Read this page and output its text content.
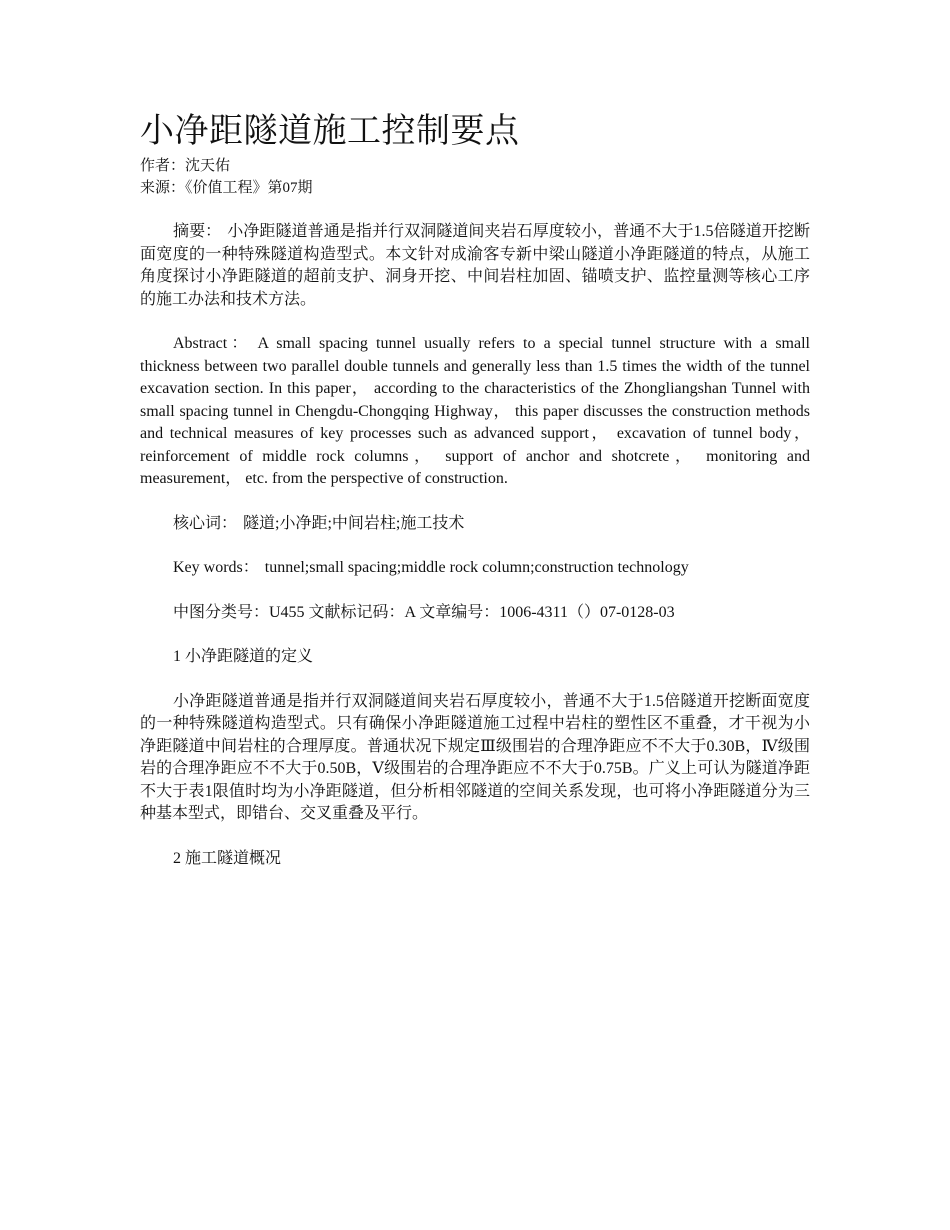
小净距隧道施工控制要点

作者：沈天佑

来源：《价值工程》第07期

摘要： 小净距隧道普通是指并行双洞隧道间夹岩石厚度较小，普通不大于1.5倍隧道开挖断面宽度的一种特殊隧道构造型式。本文针对成渝客专新中梁山隧道小净距隧道的特点，从施工角度探讨小净距隧道的超前支护、洞身开挖、中间岩柱加固、锚喷支护、监控量测等核心工序的施工办法和技术方法。

Abstract： A small spacing tunnel usually refers to a special tunnel structure with a small thickness between two parallel double tunnels and generally less than 1.5 times the width of the tunnel excavation section. In this paper， according to the characteristics of the Zhongliangshan Tunnel with small spacing tunnel in Chengdu-Chongqing Highway， this paper discusses the construction methods and technical measures of key processes such as advanced support， excavation of tunnel body， reinforcement of middle rock columns， support of anchor and shotcrete， monitoring and measurement， etc. from the perspective of construction.

核心词： 隧道;小净距;中间岩柱;施工技术

Key words： tunnel;small spacing;middle rock column;construction technology

中图分类号：U455 文献标记码：A 文章编号：1006-4311（）07-0128-03

1 小净距隧道的定义

小净距隧道普通是指并行双洞隧道间夹岩石厚度较小，普通不大于1.5倍隧道开挖断面宽度的一种特殊隧道构造型式。只有确保小净距隧道施工过程中岩柱的塑性区不重叠，才干视为小净距隧道中间岩柱的合理厚度。普通状况下规定Ⅲ级围岩的合理净距应不不大于0.30B，Ⅳ级围岩的合理净距应不不大于0.50B，Ⅴ级围岩的合理净距应不不大于0.75B。广义上可认为隧道净距不大于表1限值时均为小净距隧道，但分析相邻隧道的空间关系发现，也可将小净距隧道分为三种基本型式，即错台、交叉重叠及平行。

2 施工隧道概况
